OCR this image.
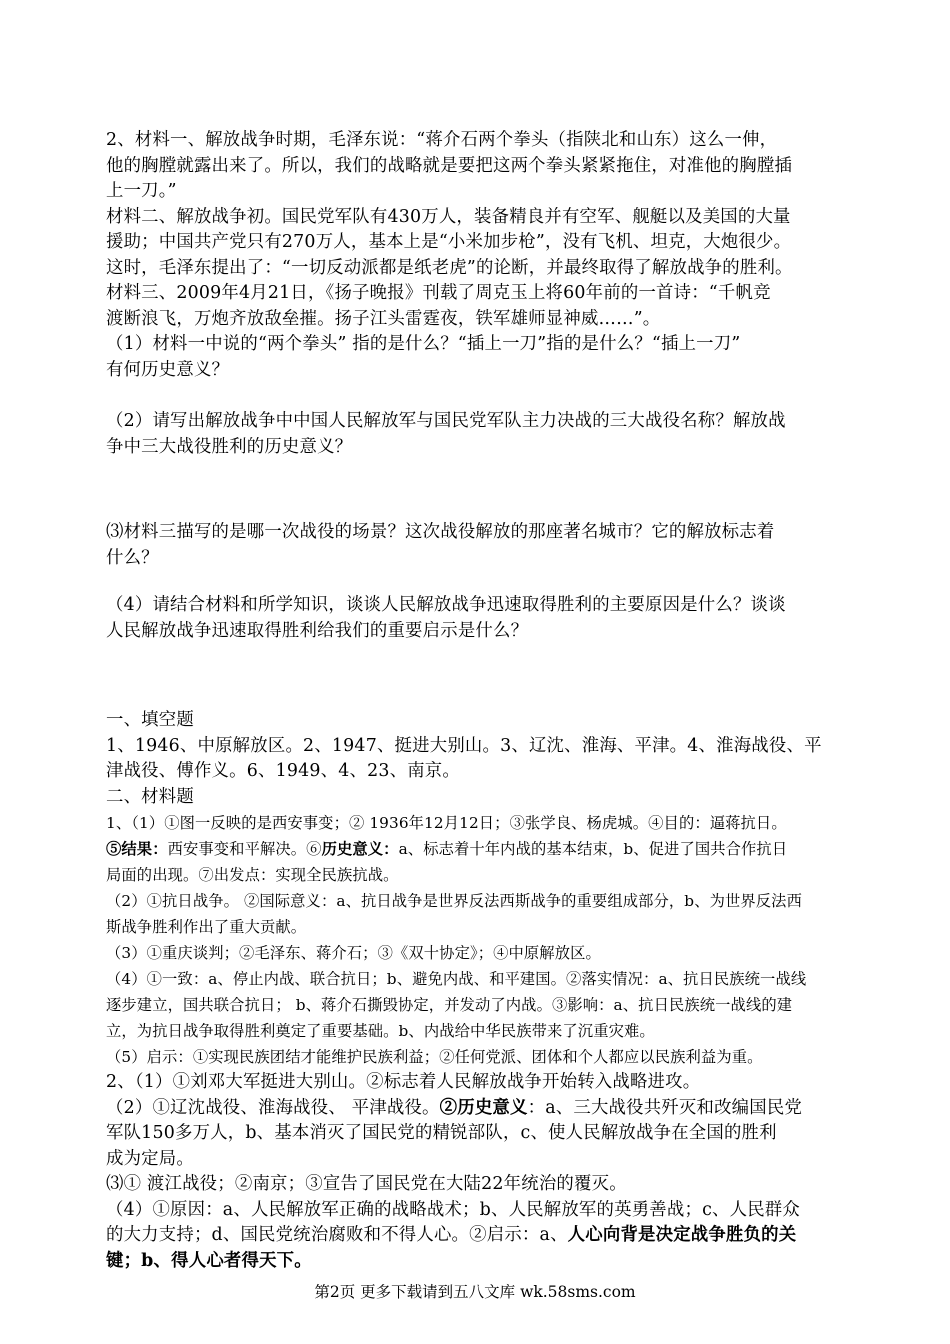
2、材料一、解放战争时期，毛泽东说：“蒋介石两个拳头（指陕北和山东）这么一伸，

他的胸膛就露出来了。所以，我们的战略就是要把这两个拳头紧紧拖住，对准他的胸膛插

上一刀。”

材料二、解放战争初。国民党军队有430万人，装备精良并有空军、舰艇以及美国的大量

援助；中国共产党只有270万人，基本上是“小米加步枪”，没有飞机、坦克，大炮很少。

这时，毛泽东提出了：“一切反动派都是纸老虎”的论断，并最终取得了解放战争的胜利。

材料三、2009年4月21日，《扬子晚报》刊载了周克玉上将60年前的一首诗：“千帆竞

渡断浪飞，万炮齐放敌垒摧。扬子江头雷霆夜，铁军雄师显神威……”。

（1）材料一中说的“两个拳头” 指的是什么？“插上一刀”指的是什么？“插上一刀”

有何历史意义？

（2）请写出解放战争中中国人民解放军与国民党军队主力决战的三大战役名称？解放战

争中三大战役胜利的历史意义？

⑶材料三描写的是哪一次战役的场景？这次战役解放的那座著名城市？它的解放标志着

什么？

（4）请结合材料和所学知识，谈谈人民解放战争迅速取得胜利的主要原因是什么？谈谈

人民解放战争迅速取得胜利给我们的重要启示是什么？

一、填空题

1、1946、中原解放区。2、1947、挺进大别山。3、辽沈、淮海、平津。4、淮海战役、平

津战役、傅作义。6、1949、4、23、南京。

二、材料题

1、（1）①图一反映的是西安事变；② 1936年12月12日；③张学良、杨虎城。④目的：逼蒋抗日。

⑤结果：西安事变和平解决。⑥历史意义：a、标志着十年内战的基本结束，b、促进了国共合作抗日

局面的出现。⑦出发点：实现全民族抗战。

（2）①抗日战争。 ②国际意义：a、抗日战争是世界反法西斯战争的重要组成部分，b、为世界反法西

斯战争胜利作出了重大贡献。

（3）①重庆谈判；②毛泽东、蒋介石；③《双十协定》；④中原解放区。

（4）①一致：a、停止内战、联合抗日；b、避免内战、和平建国。②落实情况：a、抗日民族统一战线

逐步建立，国共联合抗日； b、蒋介石撕毁协定，并发动了内战。③影响：a、抗日民族统一战线的建

立，为抗日战争取得胜利奠定了重要基础。b、内战给中华民族带来了沉重灾难。

（5）启示：①实现民族团结才能维护民族利益；②任何党派、团体和个人都应以民族利益为重。

2、（1）①刘邓大军挺进大别山。②标志着人民解放战争开始转入战略进攻。

（2）①辽沈战役、淮海战役、 平津战役。②历史意义：a、三大战役共歼灭和改编国民党

军队150多万人，b、基本消灭了国民党的精锐部队，c、使人民解放战争在全国的胜利

成为定局。

⑶① 渡江战役；②南京；③宣告了国民党在大陆22年统治的覆灭。

（4）①原因：a、人民解放军正确的战略战术；b、人民解放军的英勇善战；c、人民群众

的大力支持；d、国民党统治腐败和不得人心。②启示：a、人心向背是决定战争胜负的关

键；b、得人心者得天下。

第2页 更多下载请到五八文库 wk.58sms.com
